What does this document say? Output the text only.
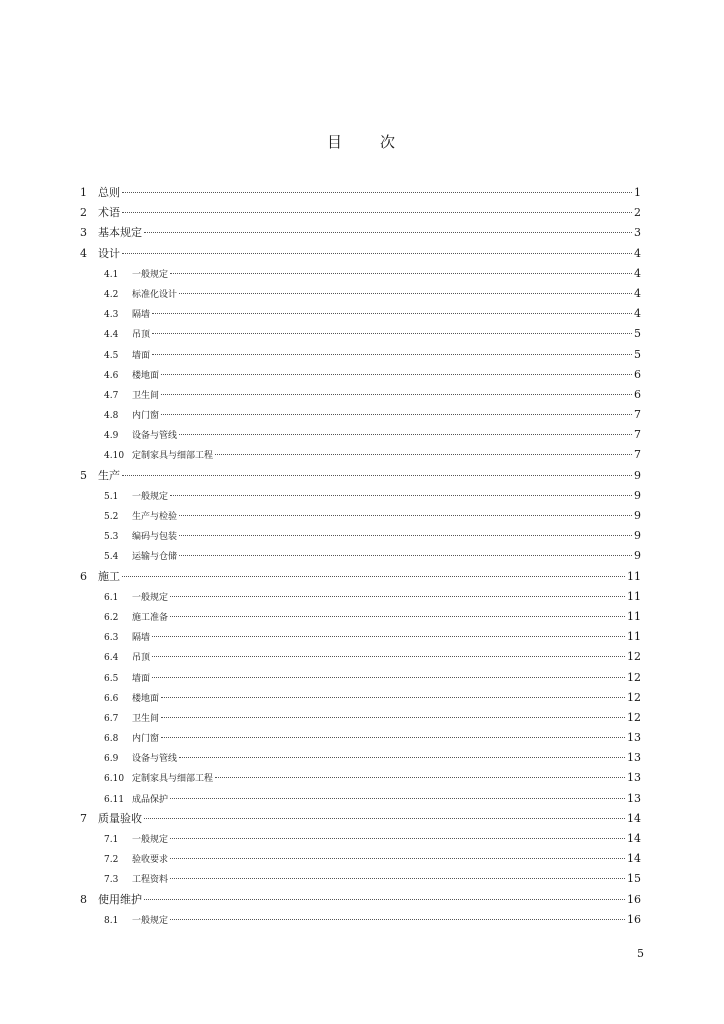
目 次
1	总则	1
2	术语	2
3	基本规定	3
4	设计	4
4.1	一般规定	4
4.2	标准化设计	4
4.3	隔墙	4
4.4	吊顶	5
4.5	墙面	5
4.6	楼地面	6
4.7	卫生间	6
4.8	内门窗	7
4.9	设备与管线	7
4.10 定制家具与细部工程	7
5	生产	9
5.1	一般规定	9
5.2	生产与检验	9
5.3	编码与包装	9
5.4	运输与仓储	9
6	施工	11
6.1	一般规定	11
6.2	施工准备	11
6.3	隔墙	11
6.4	吊顶	12
6.5	墙面	12
6.6	楼地面	12
6.7	卫生间	12
6.8	内门窗	13
6.9	设备与管线	13
6.10 定制家具与细部工程	13
6.11 成品保护	13
7	质量验收	14
7.1	一般规定	14
7.2	验收要求	14
7.3	工程资料	15
8	使用维护	16
8.1	一般规定	16
5
